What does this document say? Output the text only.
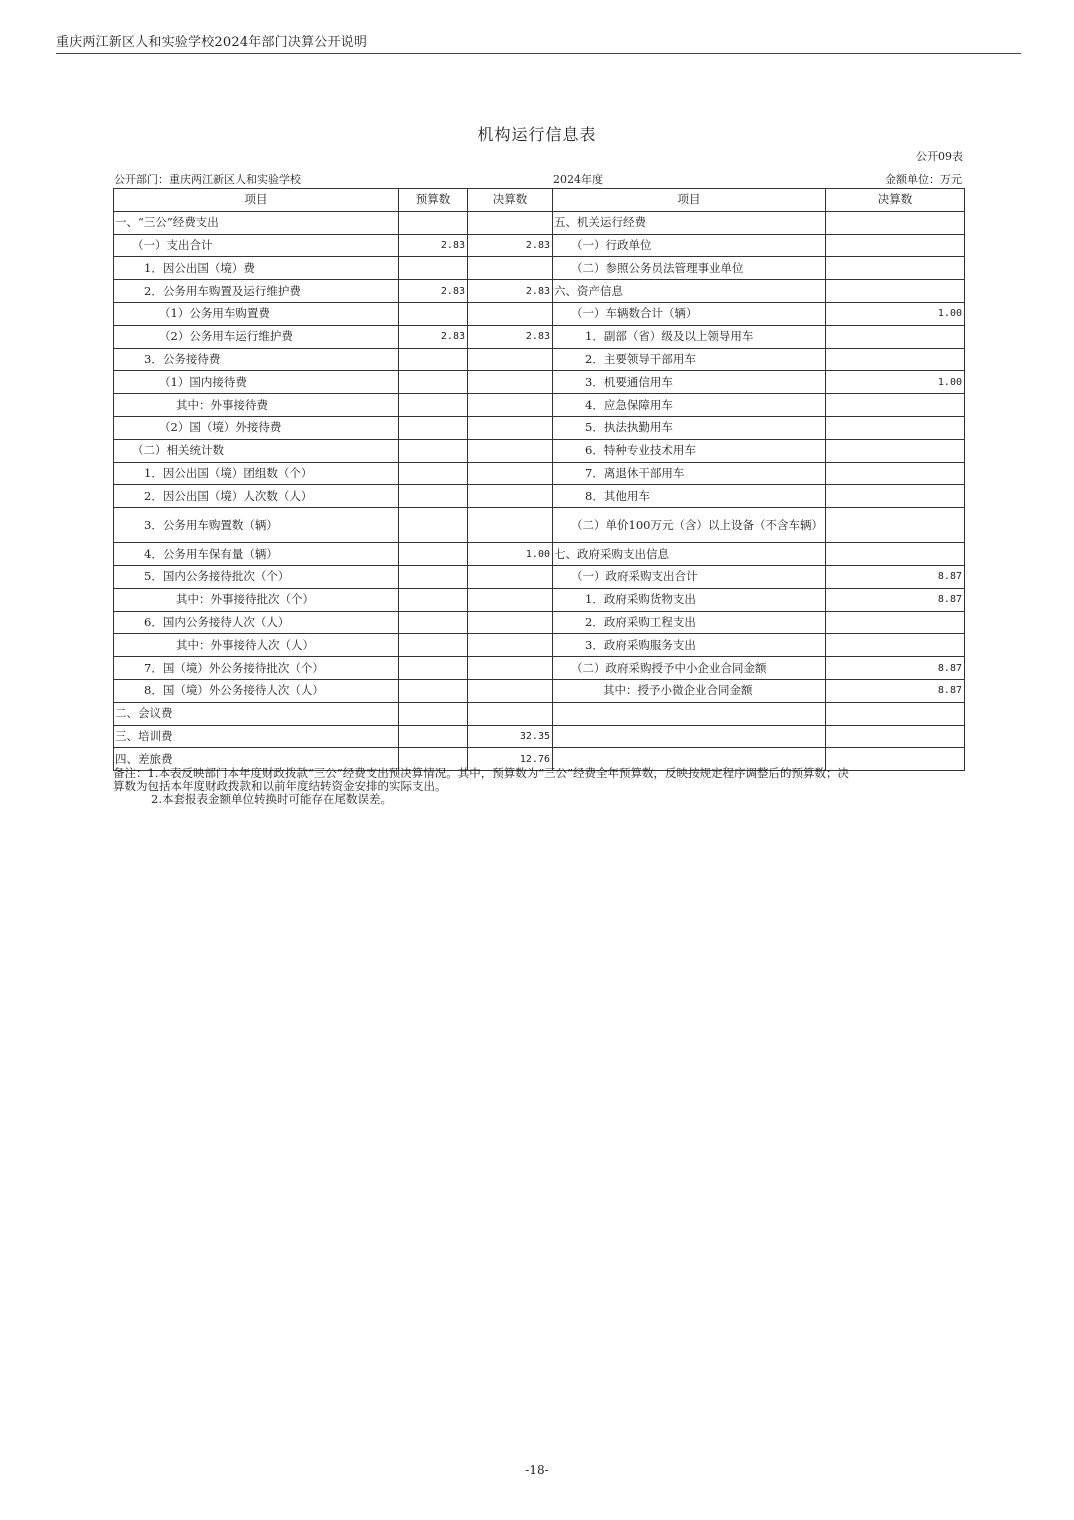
重庆两江新区人和实验学校2024年部门决算公开说明
机构运行信息表
公开09表
公开部门：重庆两江新区人和实验学校	2024年度	金额单位：万元
项目	预算数	决算数	项目	决算数
一、“三公”经费支出			五、机关运行经费	
（一）支出合计	2.83	2.83	（一）行政单位	
1．因公出国（境）费			（二）参照公务员法管理事业单位	
2．公务用车购置及运行维护费	2.83	2.83	六、资产信息	
（1）公务用车购置费			（一）车辆数合计（辆）	1.00
（2）公务用车运行维护费	2.83	2.83	1．副部（省）级及以上领导用车	
3．公务接待费			2．主要领导干部用车	
（1）国内接待费			3．机要通信用车	1.00
其中：外事接待费			4．应急保障用车	
（2）国（境）外接待费			5．执法执勤用车	
（二）相关统计数			6．特种专业技术用车	
1．因公出国（境）团组数（个）			7．离退休干部用车	
2．因公出国（境）人次数（人）			8．其他用车	
3．公务用车购置数（辆）			（二）单价100万元（含）以上设备（不含车辆）	
4．公务用车保有量（辆）		1.00	七、政府采购支出信息	
5．国内公务接待批次（个）			（一）政府采购支出合计	8.87
其中：外事接待批次（个）			1．政府采购货物支出	8.87
6．国内公务接待人次（人）			2．政府采购工程支出	
其中：外事接待人次（人）			3．政府采购服务支出	
7．国（境）外公务接待批次（个）			（二）政府采购授予中小企业合同金额	8.87
8．国（境）外公务接待人次（人）			其中：授予小微企业合同金额	8.87
二、会议费				
三、培训费		32.35		
四、差旅费		12.76		
备注：1.本表反映部门本年度财政拨款“三公”经费支出预决算情况。其中，预算数为“三公”经费全年预算数，反映按规定程序调整后的预算数；决
算数为包括本年度财政拨款和以前年度结转资金安排的实际支出。
2.本套报表金额单位转换时可能存在尾数误差。
-18-
